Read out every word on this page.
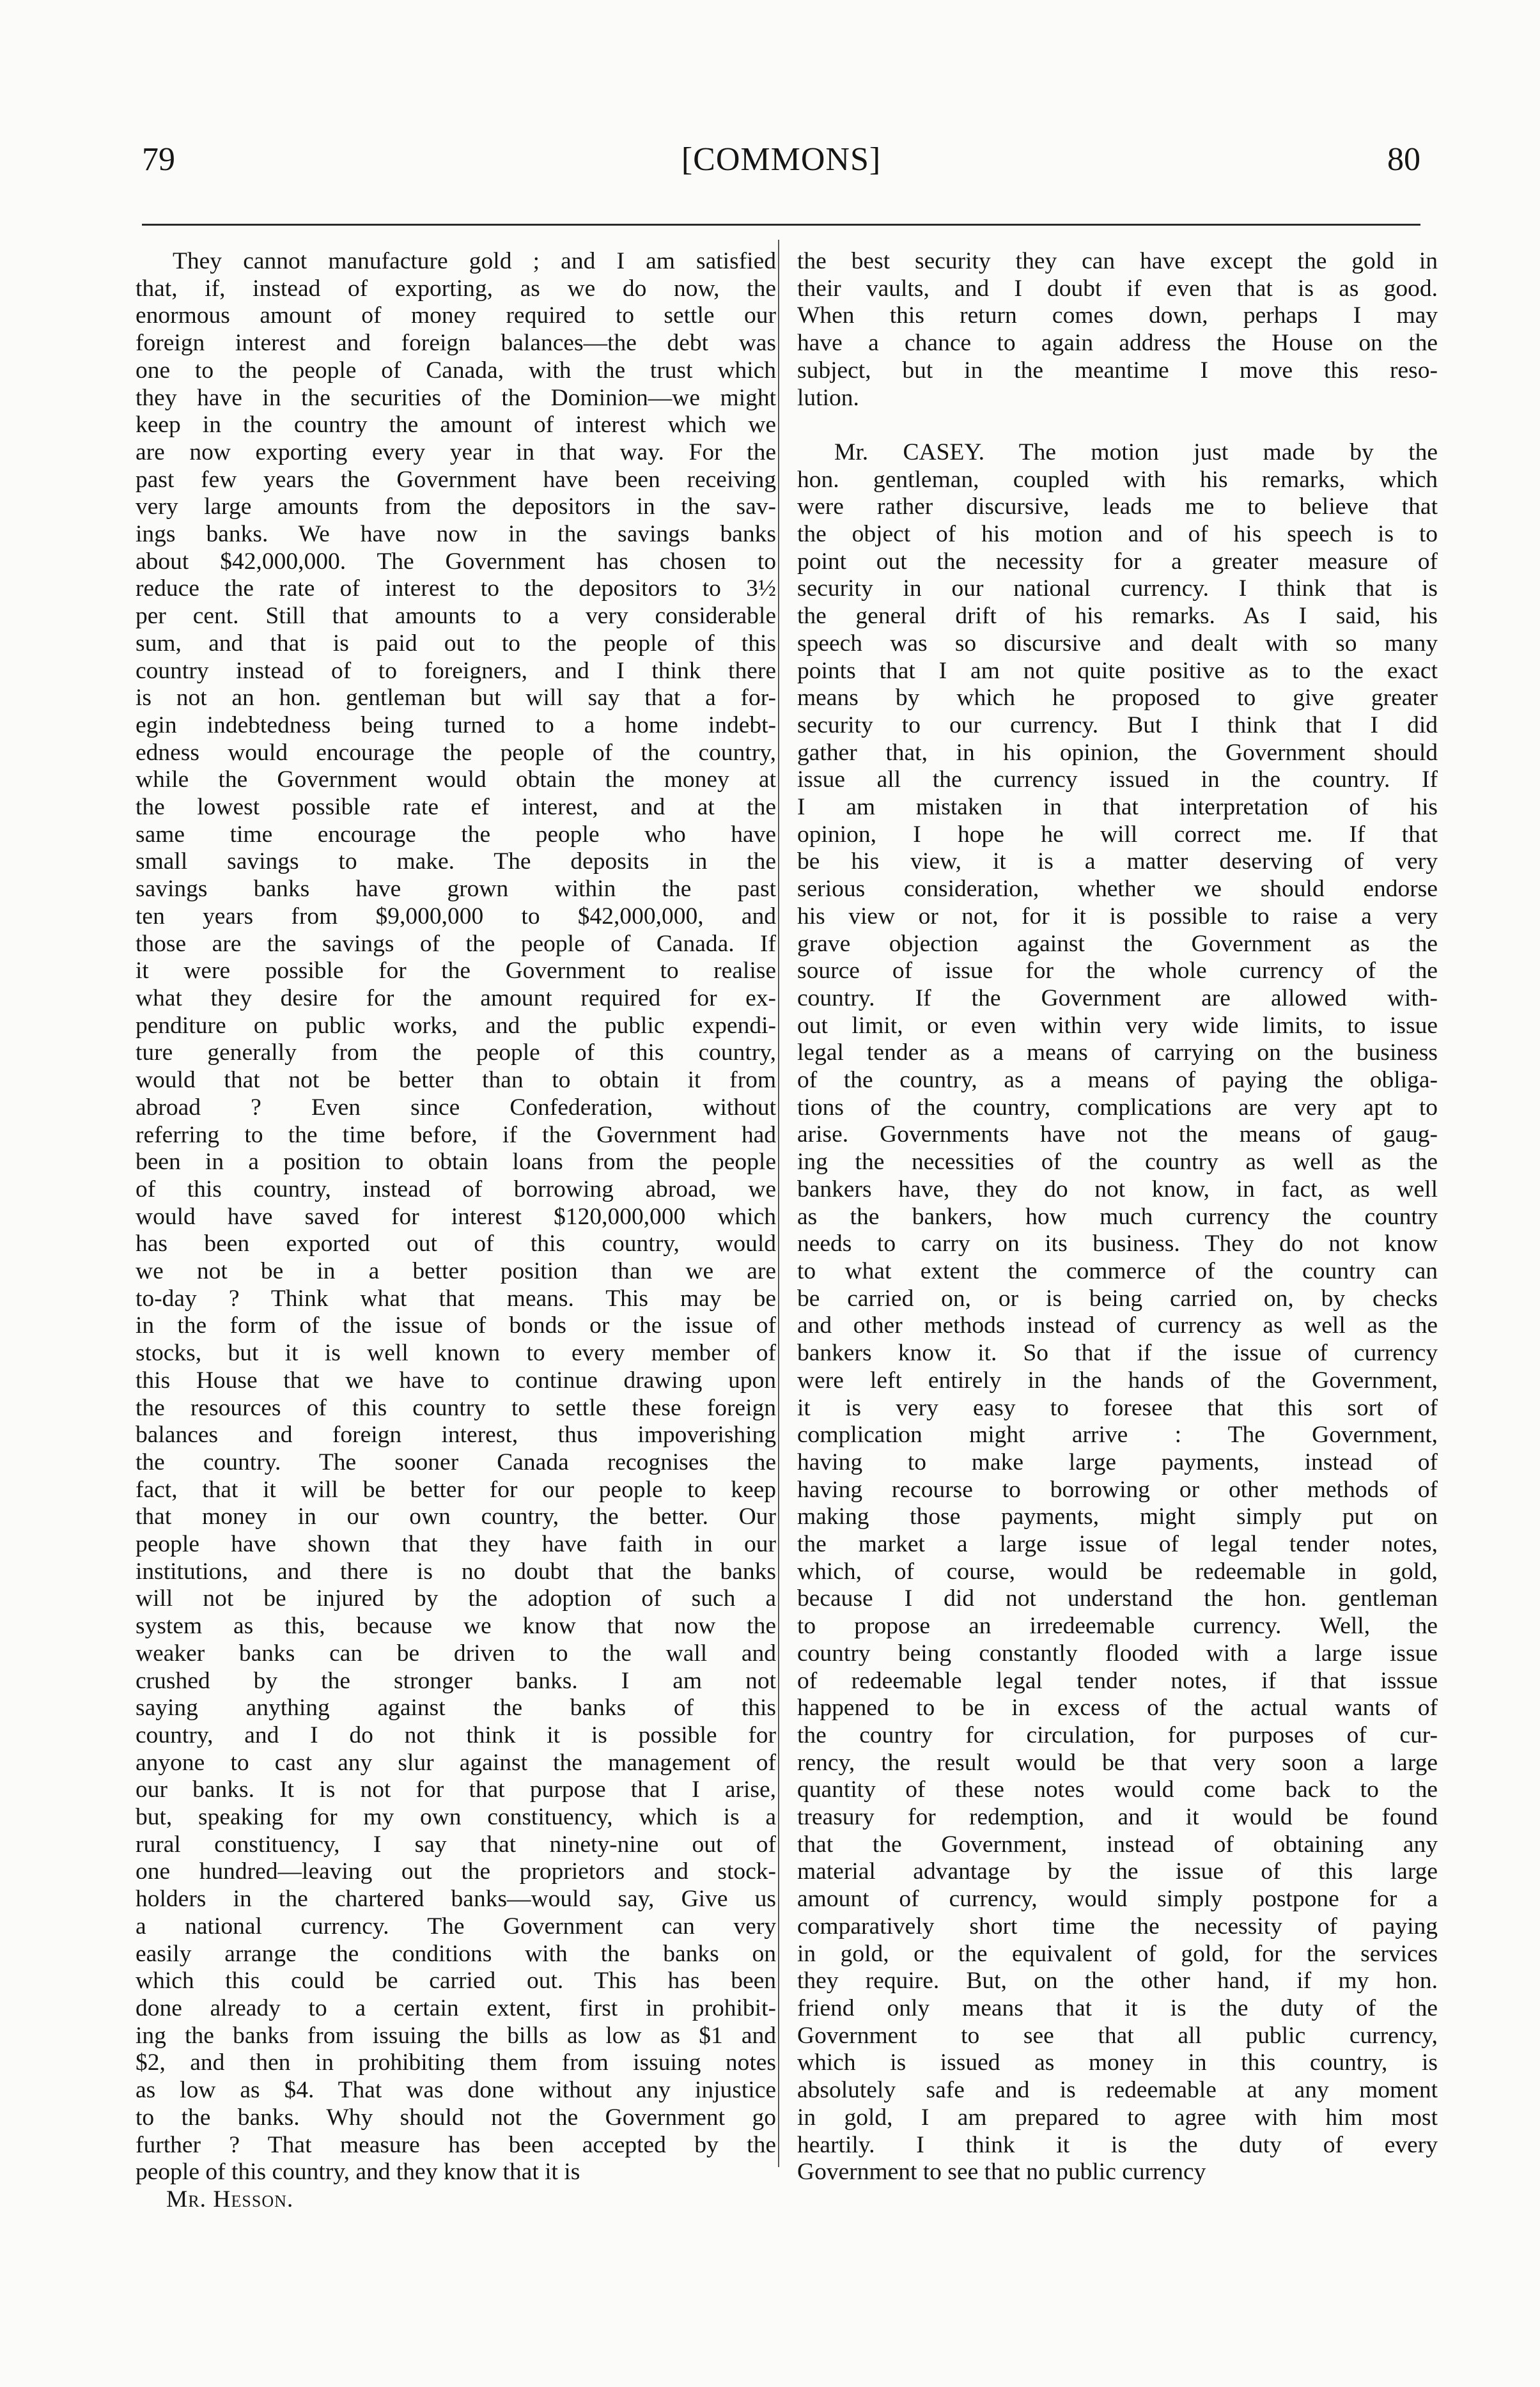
79	[COMMONS]	80
They cannot manufacture gold ; and I am satisfied
that, if, instead of exporting, as we do now, the
enormous amount of money required to settle our
foreign interest and foreign balances—the debt was
one to the people of Canada, with the trust which
they have in the securities of the Dominion—we might
keep in the country the amount of interest which we
are now exporting every year in that way. For the
past few years the Government have been receiving
very large amounts from the depositors in the sav-
ings banks. We have now in the savings banks
about $42,000,000. The Government has chosen to
reduce the rate of interest to the depositors to 3½
per cent. Still that amounts to a very considerable
sum, and that is paid out to the people of this
country instead of to foreigners, and I think there
is not an hon. gentleman but will say that a for-
egin indebtedness being turned to a home indebt-
edness would encourage the people of the country,
while the Government would obtain the money at
the lowest possible rate ef interest, and at the
same time encourage the people who have
small savings to make. The deposits in the
savings banks have grown within the past
ten years from $9,000,000 to $42,000,000, and
those are the savings of the people of Canada. If
it were possible for the Government to realise
what they desire for the amount required for ex-
penditure on public works, and the public expendi-
ture generally from the people of this country,
would that not be better than to obtain it from
abroad ? Even since Confederation, without
referring to the time before, if the Government had
been in a position to obtain loans from the people
of this country, instead of borrowing abroad, we
would have saved for interest $120,000,000 which
has been exported out of this country, would
we not be in a better position than we are
to-day ? Think what that means. This may be
in the form of the issue of bonds or the issue of
stocks, but it is well known to every member of
this House that we have to continue drawing upon
the resources of this country to settle these foreign
balances and foreign interest, thus impoverishing
the country. The sooner Canada recognises the
fact, that it will be better for our people to keep
that money in our own country, the better. Our
people have shown that they have faith in our
institutions, and there is no doubt that the banks
will not be injured by the adoption of such a
system as this, because we know that now the
weaker banks can be driven to the wall and
crushed by the stronger banks. I am not
saying anything against the banks of this
country, and I do not think it is possible for
anyone to cast any slur against the management of
our banks. It is not for that purpose that I arise,
but, speaking for my own constituency, which is a
rural constituency, I say that ninety-nine out of
one hundred—leaving out the proprietors and stock-
holders in the chartered banks—would say, Give us
a national currency. The Government can very
easily arrange the conditions with the banks on
which this could be carried out. This has been
done already to a certain extent, first in prohibit-
ing the banks from issuing the bills as low as $1 and
$2, and then in prohibiting them from issuing notes
as low as $4. That was done without any injustice
to the banks. Why should not the Government go
further ? That measure has been accepted by the
people of this country, and they know that it is
Mr. Hesson.
the best security they can have except the gold in
their vaults, and I doubt if even that is as good.
When this return comes down, perhaps I may
have a chance to again address the House on the
subject, but in the meantime I move this reso-
lution.
Mr. CASEY. The motion just made by the
hon. gentleman, coupled with his remarks, which
were rather discursive, leads me to believe that
the object of his motion and of his speech is to
point out the necessity for a greater measure of
security in our national currency. I think that is
the general drift of his remarks. As I said, his
speech was so discursive and dealt with so many
points that I am not quite positive as to the exact
means by which he proposed to give greater
security to our currency. But I think that I did
gather that, in his opinion, the Government should
issue all the currency issued in the country. If
I am mistaken in that interpretation of his
opinion, I hope he will correct me. If that
be his view, it is a matter deserving of very
serious consideration, whether we should endorse
his view or not, for it is possible to raise a very
grave objection against the Government as the
source of issue for the whole currency of the
country. If the Government are allowed with-
out limit, or even within very wide limits, to issue
legal tender as a means of carrying on the business
of the country, as a means of paying the obliga-
tions of the country, complications are very apt to
arise. Governments have not the means of gaug-
ing the necessities of the country as well as the
bankers have, they do not know, in fact, as well
as the bankers, how much currency the country
needs to carry on its business. They do not know
to what extent the commerce of the country can
be carried on, or is being carried on, by checks
and other methods instead of currency as well as the
bankers know it. So that if the issue of currency
were left entirely in the hands of the Government,
it is very easy to foresee that this sort of
complication might arrive : The Government,
having to make large payments, instead of
having recourse to borrowing or other methods of
making those payments, might simply put on
the market a large issue of legal tender notes,
which, of course, would be redeemable in gold,
because I did not understand the hon. gentleman
to propose an irredeemable currency. Well, the
country being constantly flooded with a large issue
of redeemable legal tender notes, if that isssue
happened to be in excess of the actual wants of
the country for circulation, for purposes of cur-
rency, the result would be that very soon a large
quantity of these notes would come back to the
treasury for redemption, and it would be found
that the Government, instead of obtaining any
material advantage by the issue of this large
amount of currency, would simply postpone for a
comparatively short time the necessity of paying
in gold, or the equivalent of gold, for the services
they require. But, on the other hand, if my hon.
friend only means that it is the duty of the
Government to see that all public currency,
which is issued as money in this country, is
absolutely safe and is redeemable at any moment
in gold, I am prepared to agree with him most
heartily. I think it is the duty of every
Government to see that no public currency
